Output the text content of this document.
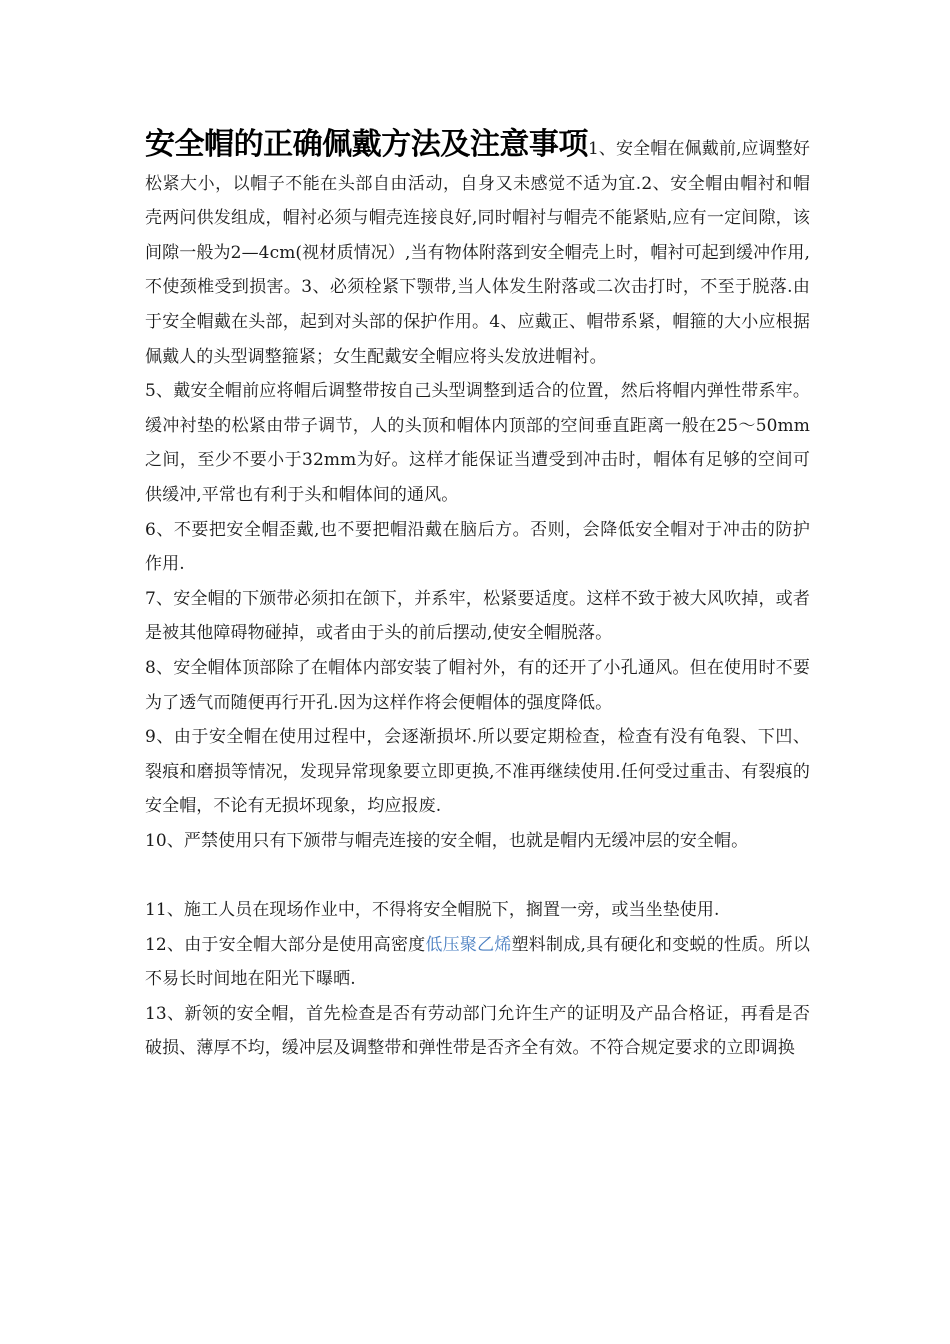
安全帽的正确佩戴方法及注意事项1、安全帽在佩戴前,应调整好松紧大小，以帽子不能在头部自由活动，自身又未感觉不适为宜.2、安全帽由帽衬和帽壳两问供发组成，帽衬必须与帽壳连接良好,同时帽衬与帽壳不能紧贴,应有一定间隙，该间隙一般为2—4cm(视材质情况）,当有物体附落到安全帽壳上时，帽衬可起到缓冲作用,不使颈椎受到损害。3、必须栓紧下颚带,当人体发生附落或二次击打时，不至于脱落.由于安全帽戴在头部，起到对头部的保护作用。4、应戴正、帽带系紧，帽箍的大小应根据佩戴人的头型调整箍紧；女生配戴安全帽应将头发放进帽衬。

5、戴安全帽前应将帽后调整带按自己头型调整到适合的位置，然后将帽内弹性带系牢。缓冲衬垫的松紧由带子调节，人的头顶和帽体内顶部的空间垂直距离一般在25～50mm之间，至少不要小于32mm为好。这样才能保证当遭受到冲击时，帽体有足够的空间可供缓冲,平常也有利于头和帽体间的通风。

6、不要把安全帽歪戴,也不要把帽沿戴在脑后方。否则，会降低安全帽对于冲击的防护作用.

7、安全帽的下颁带必须扣在颌下，并系牢，松紧要适度。这样不致于被大风吹掉，或者是被其他障碍物碰掉，或者由于头的前后摆动,使安全帽脱落。

8、安全帽体顶部除了在帽体内部安装了帽衬外，有的还开了小孔通风。但在使用时不要为了透气而随便再行开孔.因为这样作将会便帽体的强度降低。

9、由于安全帽在使用过程中，会逐渐损坏.所以要定期检查，检查有没有龟裂、下凹、裂痕和磨损等情况，发现异常现象要立即更换,不准再继续使用.任何受过重击、有裂痕的安全帽，不论有无损坏现象，均应报废.

10、严禁使用只有下颁带与帽壳连接的安全帽，也就是帽内无缓冲层的安全帽。

11、施工人员在现场作业中，不得将安全帽脱下，搁置一旁，或当坐垫使用.

12、由于安全帽大部分是使用高密度低压聚乙烯塑料制成,具有硬化和变蜕的性质。所以不易长时间地在阳光下曝晒.

13、新领的安全帽，首先检查是否有劳动部门允许生产的证明及产品合格证，再看是否破损、薄厚不均，缓冲层及调整带和弹性带是否齐全有效。不符合规定要求的立即调换
